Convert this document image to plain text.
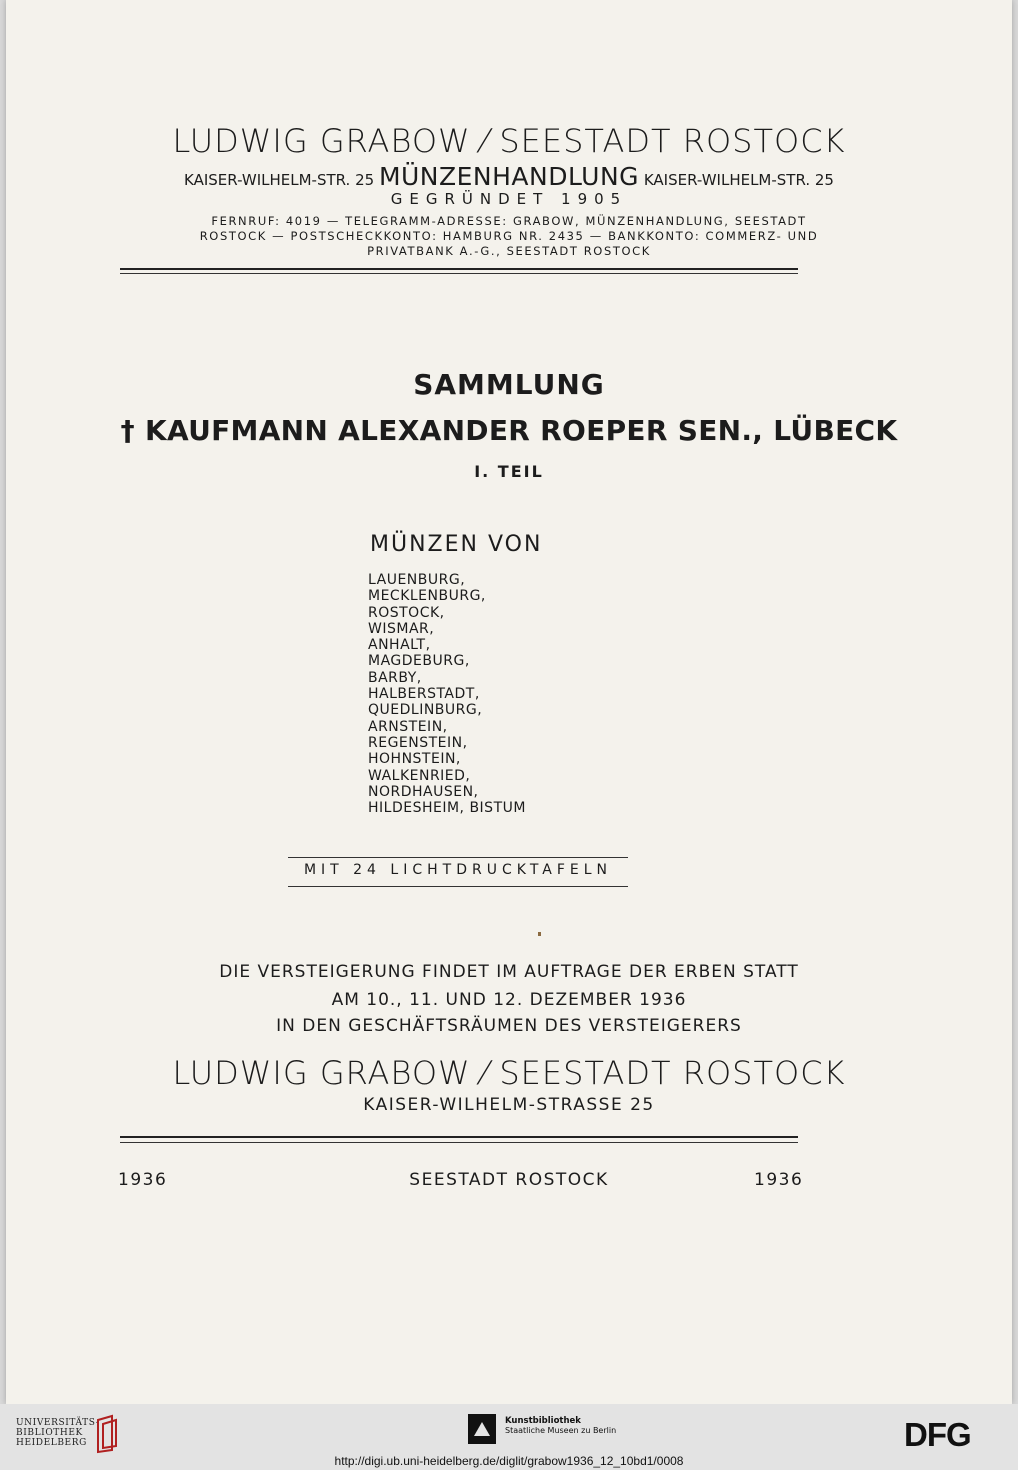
LUDWIG GRABOW ⁄ SEESTADT ROSTOCK
KAISER-WILHELM-STR. 25 MÜNZENHANDLUNG KAISER-WILHELM-STR. 25
GEGRÜNDET 1905
FERNRUF: 4019 — TELEGRAMM-ADRESSE: GRABOW, MÜNZENHANDLUNG, SEESTADT
ROSTOCK — POSTSCHECKKONTO: HAMBURG NR. 2435 — BANKKONTO: COMMERZ- UND
PRIVATBANK A.-G., SEESTADT ROSTOCK
SAMMLUNG
† KAUFMANN ALEXANDER ROEPER SEN., LÜBECK
I. TEIL
MÜNZEN VON
LAUENBURG,
MECKLENBURG,
ROSTOCK,
WISMAR,
ANHALT,
MAGDEBURG,
BARBY,
HALBERSTADT,
QUEDLINBURG,
ARNSTEIN,
REGENSTEIN,
HOHNSTEIN,
WALKENRIED,
NORDHAUSEN,
HILDESHEIM, BISTUM
MIT 24 LICHTDRUCKTAFELN
DIE VERSTEIGERUNG FINDET IM AUFTRAGE DER ERBEN STATT
AM 10., 11. UND 12. DEZEMBER 1936
IN DEN GESCHÄFTSRÄUMEN DES VERSTEIGERERS
LUDWIG GRABOW ⁄ SEESTADT ROSTOCK
KAISER-WILHELM-STRASSE 25
1936	SEESTADT ROSTOCK	1936
UNIVERSITÄTS-
BIBLIOTHEK
HEIDELBERG
Kunstbibliothek
Staatliche Museen zu Berlin	DFG
http://digi.ub.uni-heidelberg.de/diglit/grabow1936_12_10bd1/0008
